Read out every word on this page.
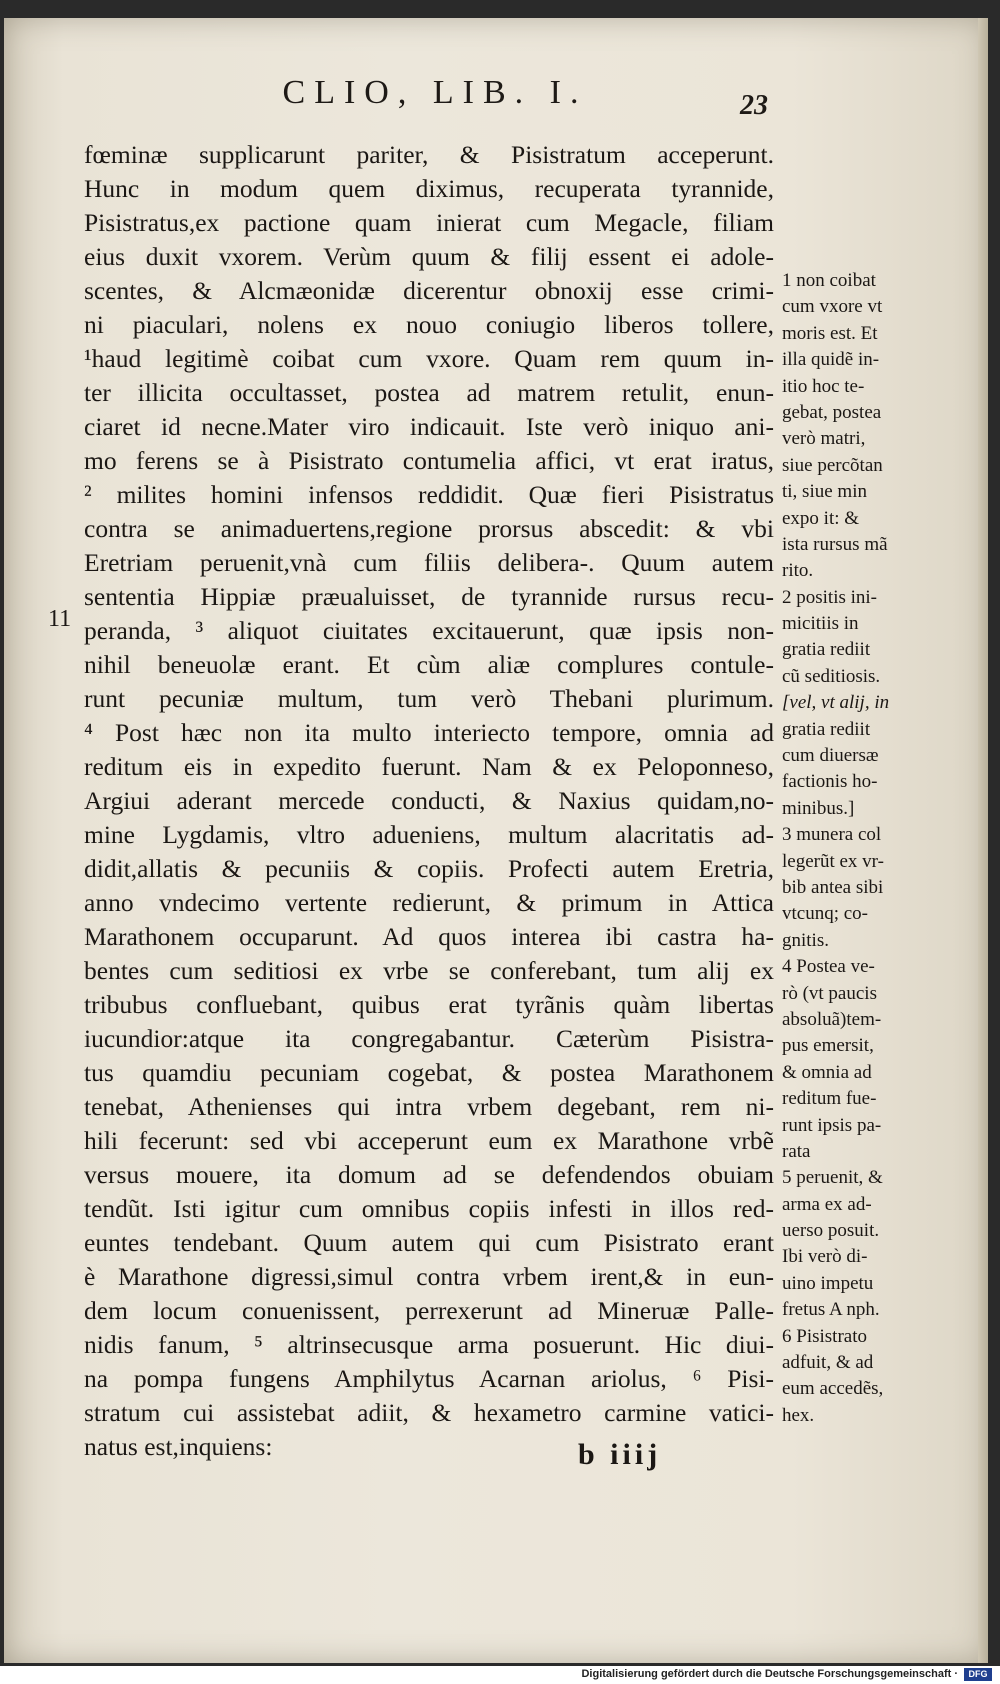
CLIO, LIB. I.	23
11
fœminæ supplicarunt pariter, & Pisistratum acceperunt.
Hunc in modum quem diximus, recuperata tyrannide,
Pisistratus,ex pactione quam inierat cum Megacle, filiam
eius duxit vxorem. Verùm quum & filij essent ei adole-
scentes, & Alcmæonidæ dicerentur obnoxij esse crimi-
ni piaculari, nolens ex nouo coniugio liberos tollere,
¹haud legitimè coibat cum vxore. Quam rem quum in-
ter illicita occultasset, postea ad matrem retulit, enun-
ciaret id necne.Mater viro indicauit. Iste verò iniquo ani-
mo ferens se à Pisistrato contumelia affici, vt erat iratus,
² milites homini infensos reddidit. Quæ fieri Pisistratus
contra se animaduertens,regione prorsus abscedit: & vbi
Eretriam peruenit,vnà cum filiis delibera-. Quum autem
sententia Hippiæ præualuisset, de tyrannide rursus recu-
peranda, ³ aliquot ciuitates excitauerunt, quæ ipsis non-
nihil beneuolæ erant. Et cùm aliæ complures contule-
runt pecuniæ multum, tum verò Thebani plurimum.
⁴ Post hæc non ita multo interiecto tempore, omnia ad
reditum eis in expedito fuerunt. Nam & ex Peloponneso,
Argiui aderant mercede conducti, & Naxius quidam,no-
mine Lygdamis, vltro adueniens, multum alacritatis ad-
didit,allatis & pecuniis & copiis. Profecti autem Eretria,
anno vndecimo vertente redierunt, & primum in Attica
Marathonem occuparunt. Ad quos interea ibi castra ha-
bentes cum seditiosi ex vrbe se conferebant, tum alij ex
tribubus confluebant, quibus erat tyrãnis quàm libertas
iucundior:atque ita congregabantur. Cæterùm Pisistra-
tus quamdiu pecuniam cogebat, & postea Marathonem
tenebat, Athenienses qui intra vrbem degebant, rem ni-
hili fecerunt: sed vbi acceperunt eum ex Marathone vrbẽ
versus mouere, ita domum ad se defendendos obuiam
tendũt. Isti igitur cum omnibus copiis infesti in illos red-
euntes tendebant. Quum autem qui cum Pisistrato erant
è Marathone digressi,simul contra vrbem irent,& in eun-
dem locum conuenissent, perrexerunt ad Mineruæ Palle-
nidis fanum, ⁵ altrinsecusque arma posuerunt. Hic diui-
na pompa fungens Amphilytus Acarnan ariolus, ⁶ Pisi-
stratum cui assistebat adiit, & hexametro carmine vatici-
natus est,inquiens:
1 non coibat
cum vxore vt
moris est. Et
illa quidẽ in-
itio hoc te-
gebat, postea
verò matri,
siue percõtan
ti, siue min
expo it: &
ista rursus mã
rito.
2 positis ini-
micitiis in
gratia rediit
cũ seditiosis.
[vel, vt alij, in
gratia rediit
cum diuersæ
factionis ho-
minibus.]
3 munera col
legerũt ex vr-
bib antea sibi
vtcunq; co-
gnitis.
4 Postea ve-
rò (vt paucis
absoluã)tem-
pus emersit,
& omnia ad
reditum fue-
runt ipsis pa-
rata
5 peruenit, &
arma ex ad-
uerso posuit.
Ibi verò di-
uino impetu
fretus A nph.
6 Pisistrato
adfuit, & ad
eum accedẽs,
hex.
b iiij
Digitalisierung gefördert durch die Deutsche Forschungsgemeinschaft ·	DFG
